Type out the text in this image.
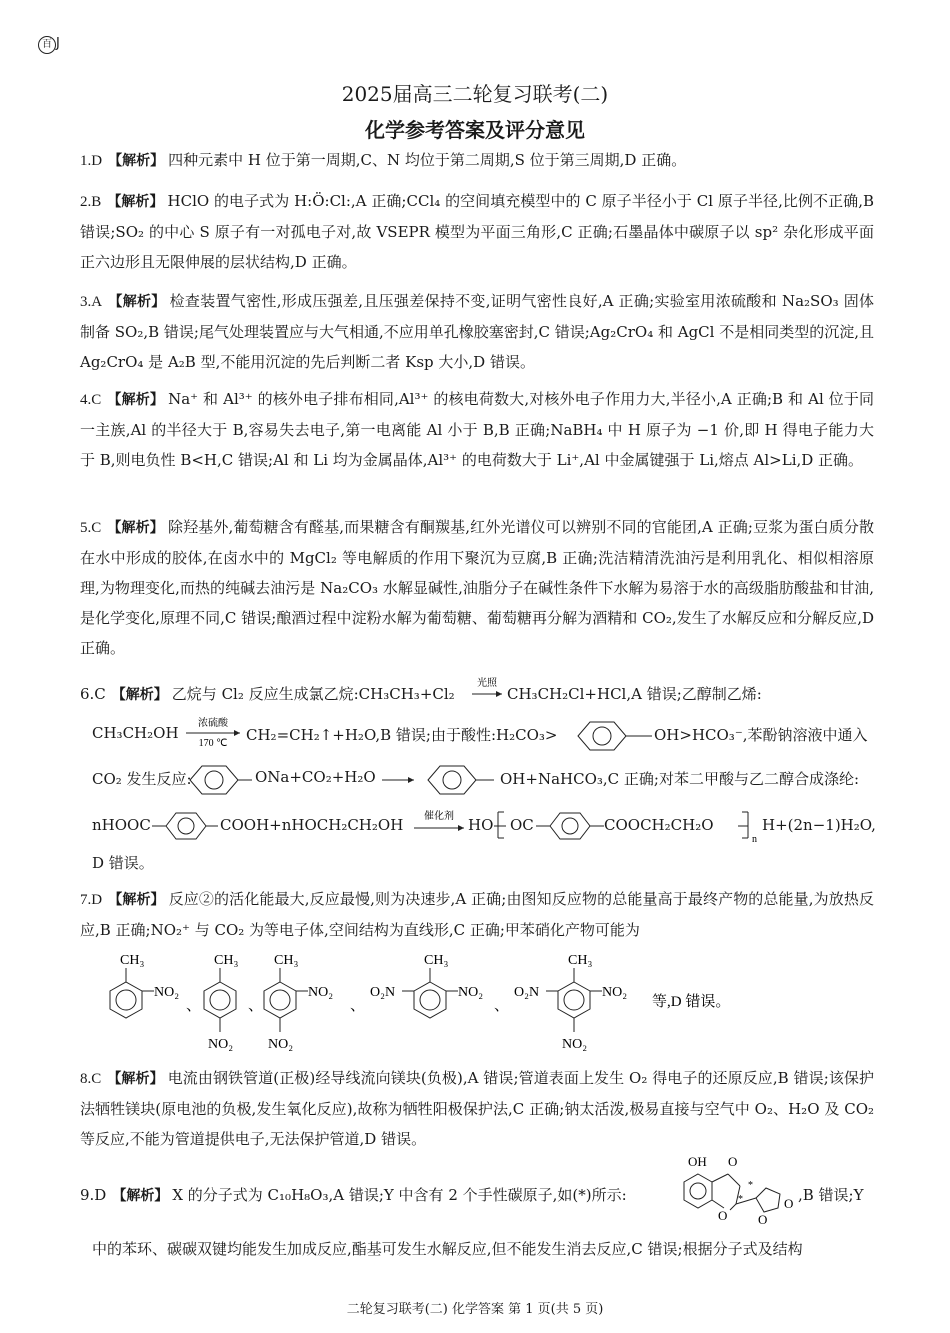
百 J
2025届高三二轮复习联考(二)
化学参考答案及评分意见
1.D 【解析】 四种元素中 H 位于第一周期,C、N 均位于第二周期,S 位于第三周期,D 正确。
2.B 【解析】 HClO 的电子式为 H:Ö:Cl:,A 正确;CCl₄ 的空间填充模型中的 C 原子半径小于 Cl 原子半径,比例不正确,B 错误;SO₂ 的中心 S 原子有一对孤电子对,故 VSEPR 模型为平面三角形,C 正确;石墨晶体中碳原子以 sp² 杂化形成平面正六边形且无限伸展的层状结构,D 正确。
3.A 【解析】 检查装置气密性,形成压强差,且压强差保持不变,证明气密性良好,A 正确;实验室用浓硫酸和 Na₂SO₃ 固体制备 SO₂,B 错误;尾气处理装置应与大气相通,不应用单孔橡胶塞密封,C 错误;Ag₂CrO₄ 和 AgCl 不是相同类型的沉淀,且 Ag₂CrO₄ 是 A₂B 型,不能用沉淀的先后判断二者 Ksp 大小,D 错误。
4.C 【解析】 Na⁺ 和 Al³⁺ 的核外电子排布相同,Al³⁺ 的核电荷数大,对核外电子作用力大,半径小,A 正确;B 和 Al 位于同一主族,Al 的半径大于 B,容易失去电子,第一电离能 Al 小于 B,B 正确;NaBH₄ 中 H 原子为 −1 价,即 H 得电子能力大于 B,则电负性 B<H,C 错误;Al 和 Li 均为金属晶体,Al³⁺ 的电荷数大于 Li⁺,Al 中金属键强于 Li,熔点 Al>Li,D 正确。
5.C 【解析】 除羟基外,葡萄糖含有醛基,而果糖含有酮羰基,红外光谱仪可以辨别不同的官能团,A 正确;豆浆为蛋白质分散在水中形成的胶体,在卤水中的 MgCl₂ 等电解质的作用下聚沉为豆腐,B 正确;洗洁精清洗油污是利用乳化、相似相溶原理,为物理变化,而热的纯碱去油污是 Na₂CO₃ 水解显碱性,油脂分子在碱性条件下水解为易溶于水的高级脂肪酸盐和甘油,是化学变化,原理不同,C 错误;酿酒过程中淀粉水解为葡萄糖、葡萄糖再分解为酒精和 CO₂,发生了水解反应和分解反应,D 正确。
6.C 【解析】 乙烷与 Cl₂ 反应生成氯乙烷:CH₃CH₃+Cl₂
光照
CH₃CH₂Cl+HCl,A 错误;乙醇制乙烯:
CH₃CH₂OH
浓硫酸
170 ℃ CH₂=CH₂↑+H₂O,B 错误;由于酸性:H₂CO₃>	OH>HCO₃⁻,苯酚钠溶液中通入
CO₂ 发生反应:	ONa+CO₂+H₂O	OH+NaHCO₃,C 正确;对苯二甲酸与乙二醇合成涤纶:
nHOOC	COOH+nHOCH₂CH₂OH 催化剂 HO OC	COOCH₂CH₂O
n
H+(2n−1)H₂O,
D 错误。
7.D 【解析】 反应②的活化能最大,反应最慢,则为决速步,A 正确;由图知反应物的总能量高于最终产物的总能量,为放热反应,B 正确;NO₂⁺ 与 CO₂ 为等电子体,空间结构为直线形,C 正确;甲苯硝化产物可能为
CH₃
NO₂
、
CH₃
NO₂
、
CH₃
NO₂
NO₂
、
O₂N
CH₃
NO₂
、
O₂N
CH₃
NO₂
NO₂
等,D 错误。
8.C 【解析】 电流由钢铁管道(正极)经导线流向镁块(负极),A 错误;管道表面上发生 O₂ 得电子的还原反应,B 错误;该保护法牺牲镁块(原电池的负极,发生氧化反应),故称为牺牲阳极保护法,C 正确;钠太活泼,极易直接与空气中 O₂、H₂O 及 CO₂ 等反应,不能为管道提供电子,无法保护管道,D 错误。
9.D 【解析】 X 的分子式为 C₁₀H₈O₃,A 错误;Y 中含有 2 个手性碳原子,如(*)所示:
OH O
O
*
*
O
O ,B 错误;Y
中的苯环、碳碳双键均能发生加成反应,酯基可发生水解反应,但不能发生消去反应,C 错误;根据分子式及结构
二轮复习联考(二) 化学答案 第 1 页(共 5 页)
